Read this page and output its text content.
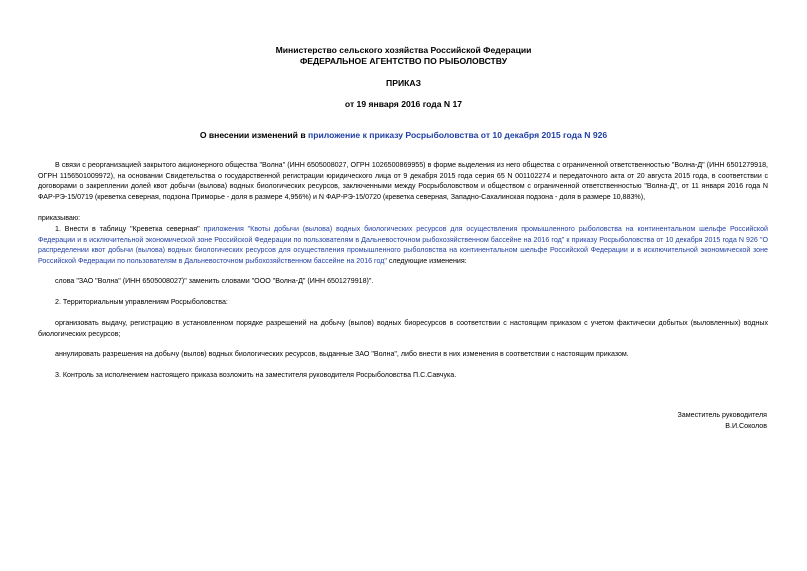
Министерство сельского хозяйства Российской Федерации
ФЕДЕРАЛЬНОЕ АГЕНТСТВО ПО РЫБОЛОВСТВУ
ПРИКАЗ
от 19 января 2016 года N 17
О внесении изменений в приложение к приказу Росрыболовства от 10 декабря 2015 года N 926
В связи с реорганизацией закрытого акционерного общества "Волна" (ИНН 6505008027, ОГРН 1026500869955) в форме выделения из него общества с ограниченной ответственностью "Волна-Д" (ИНН 6501279918, ОГРН 1156501009972), на основании Свидетельства о государственной регистрации юридического лица от 9 декабря 2015 года серия 65 N 001102274 и передаточного акта от 20 августа 2015 года, в соответствии с договорами о закреплении долей квот добычи (вылова) водных биологических ресурсов, заключенными между Росрыболовством и обществом с ограниченной ответственностью "Волна-Д", от 11 января 2016 года N ФАР-РЭ-15/0719 (креветка северная, подзона Приморье - доля в размере 4,956%) и N ФАР-РЭ-15/0720 (креветка северная, Западно-Сахалинская подзона - доля в размере 10,883%),
приказываю:
1. Внести в таблицу "Креветка северная" приложения "Квоты добычи (вылова) водных биологических ресурсов для осуществления промышленного рыболовства на континентальном шельфе Российской Федерации и в исключительной экономической зоне Российской Федерации по пользователям в Дальневосточном рыбохозяйственном бассейне на 2016 год" к приказу Росрыболовства от 10 декабря 2015 года N 926 "О распределении квот добычи (вылова) водных биологических ресурсов для осуществления промышленного рыболовства на континентальном шельфе Российской Федерации и в исключительной экономической зоне Российской Федерации по пользователям в Дальневосточном рыбохозяйственном бассейне на 2016 год" следующие изменения:
слова "ЗАО "Волна" (ИНН 6505008027)" заменить словами "ООО "Волна-Д" (ИНН 6501279918)".
2. Территориальным управлениям Росрыболовства:
организовать выдачу, регистрацию в установленном порядке разрешений на добычу (вылов) водных биоресурсов в соответствии с настоящим приказом с учетом фактически добытых (выловленных) водных биологических ресурсов;
аннулировать разрешения на добычу (вылов) водных биологических ресурсов, выданные ЗАО "Волна", либо внести в них изменения в соответствии с настоящим приказом.
3. Контроль за исполнением настоящего приказа возложить на заместителя руководителя Росрыболовства П.С.Савчука.
Заместитель руководителя
В.И.Соколов
